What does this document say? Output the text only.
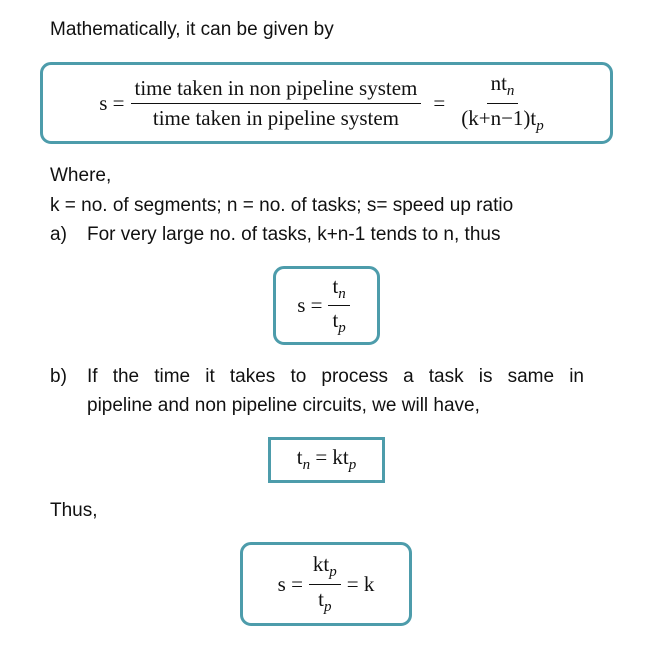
Mathematically, it can be given by
$s = \frac{\text{time taken in non pipeline system}}{\text{time taken in pipeline system}} = \frac{nt_n}{(k+n-1)t_p}$
Where,
k = no. of segments; n = no. of tasks; s= speed up ratio
a) For very large no. of tasks, k+n-1 tends to n, thus
$s = \frac{t_n}{t_p}$
b) If the time it takes to process a task is same in
pipeline and non pipeline circuits, we will have,
$t_n = kt_p$
Thus,
$s = \frac{kt_p}{t_p} = k$
